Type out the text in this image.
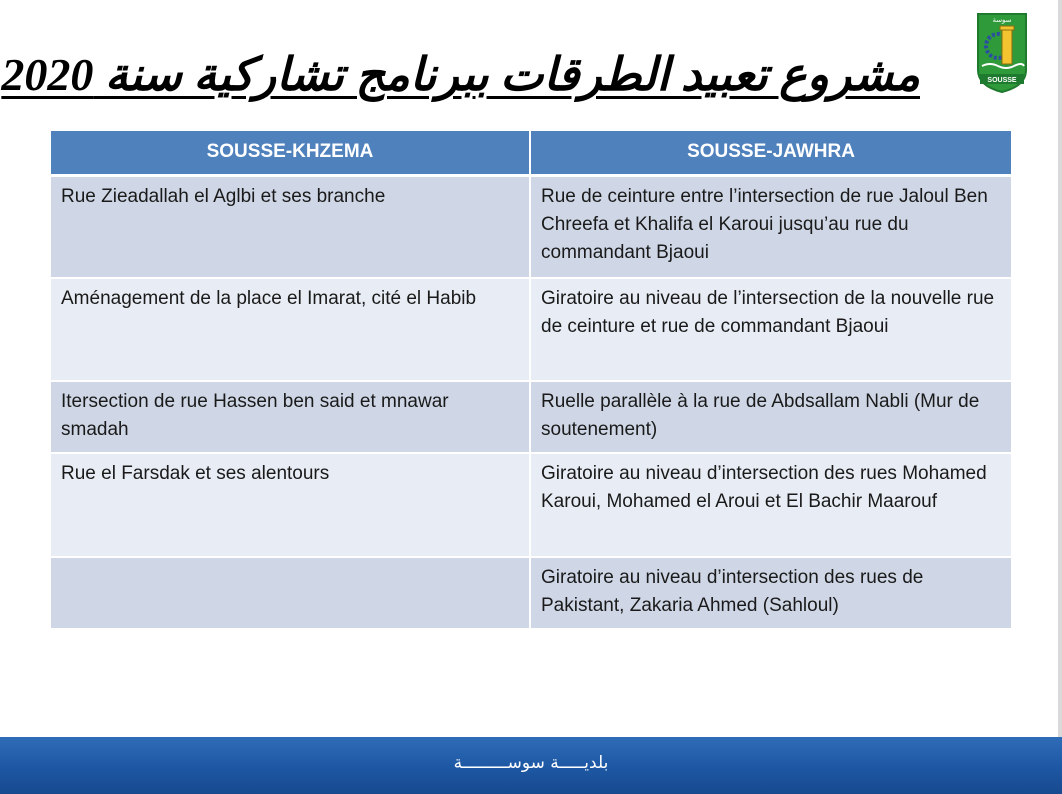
مشروع تعبيد الطرقات ببرنامج تشاركية سنة 2020
سوسة
SOUSSE
SOUSSE-KHZEMA	SOUSSE-JAWHRA
Rue Zieadallah el Aglbi et ses branche	Rue de ceinture entre l’intersection de rue Jaloul Ben Chreefa et Khalifa el Karoui jusqu’au rue du commandant Bjaoui
Aménagement de la place el Imarat, cité el Habib	Giratoire au niveau de l’intersection de la nouvelle rue de ceinture et rue de commandant Bjaoui
Itersection de rue Hassen ben said et mnawar smadah	Ruelle parallèle à la rue de Abdsallam Nabli (Mur de soutenement)
Rue el Farsdak et ses alentours	Giratoire au niveau d’intersection des rues Mohamed Karoui, Mohamed el Aroui et El Bachir Maarouf
	Giratoire au niveau d’intersection des rues de Pakistant, Zakaria Ahmed (Sahloul)
بلديـــــة سوســـــــــة
